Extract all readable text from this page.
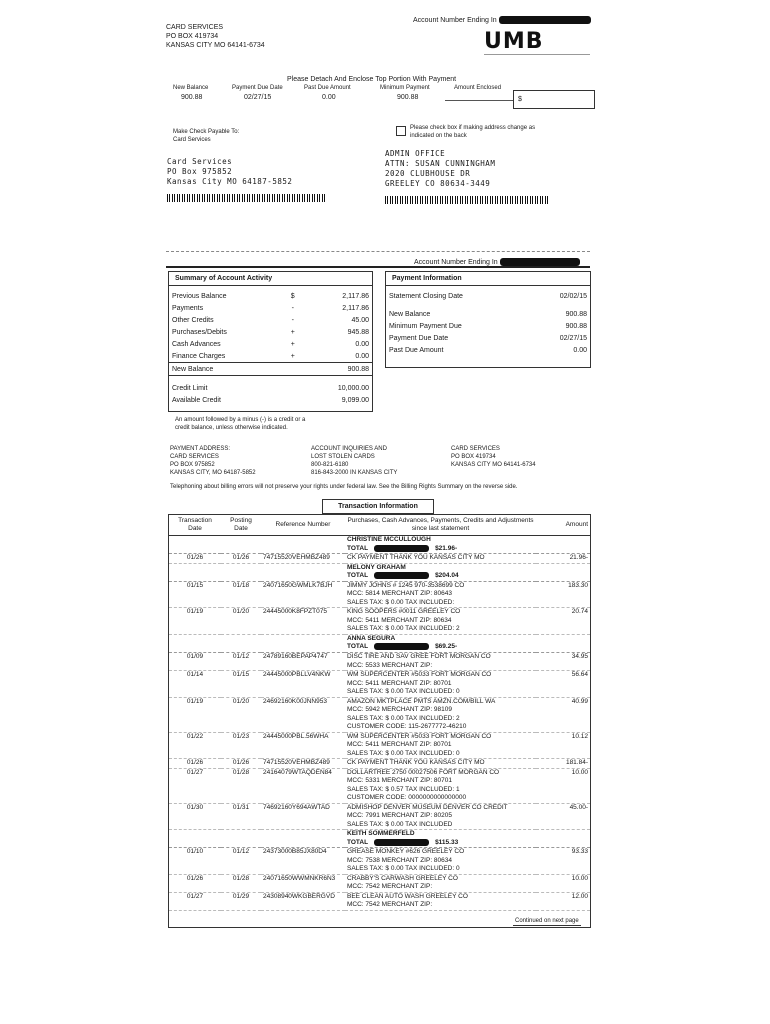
CARD SERVICES
PO BOX 419734
KANSAS CITY MO 64141-6734
Account Number Ending In
UMB
Please Detach And Enclose Top Portion With Payment
New Balance	Payment Due Date	Past Due Amount	Minimum Payment	Amount Enclosed
900.88	02/27/15	0.00	900.88	$
Make Check Payable To:
Card Services
Please check box if making address change as
indicated on the back
Card Services
PO Box 975852
Kansas City MO 64187-5852
ADMIN OFFICE
ATTN: SUSAN CUNNINGHAM
2020 CLUBHOUSE DR
GREELEY CO 80634-3449
Account Number Ending In
Summary of Account Activity
Previous Balance	$	2,117.86
Payments	-	2,117.86
Other Credits	-	45.00
Purchases/Debits	+	945.88
Cash Advances	+	0.00
Finance Charges	+	0.00
New Balance		900.88

Credit Limit		10,000.00
Available Credit		9,099.00
An amount followed by a minus (-) is a credit or a
credit balance, unless otherwise indicated.
Payment Information
Statement Closing Date	02/02/15

New Balance	900.88
Minimum Payment Due	900.88
Payment Due Date	02/27/15
Past Due Amount	0.00
PAYMENT ADDRESS:
CARD SERVICES
PO BOX 975852
KANSAS CITY, MO 64187-5852
ACCOUNT INQUIRIES AND
LOST STOLEN CARDS
800-821-6180
816-843-2000 IN KANSAS CITY
CARD SERVICES
PO BOX 419734
KANSAS CITY MO 64141-6734
Telephoning about billing errors will not preserve your rights under federal law. See the Billing Rights Summary on the reverse side.
Transaction Information
Transaction Date	Posting Date	Reference Number	Purchases, Cash Advances, Payments, Credits and Adjustments since last statement	Amount
			CHRISTINE MCCULLOUGH	
			TOTAL $21.96-	
01/26	01/26	74715520VEHMBZ489	CK PAYMENT THANK YOU KANSAS CITY MO	21.96-
			MELONY GRAHAM	
			TOTAL $204.04	
01/15	01/18	24071650GWMLK7BJH	JIMMY JOHNS # 1245 970-3538699 CO
MCC: 5814 MERCHANT ZIP: 80643
SALES TAX: $ 0.00 TAX INCLUDED:	183.30
01/19	01/20	24445000K8FPZT075	KING SOOPERS #0011 GREELEY CO
MCC: 5411 MERCHANT ZIP: 80634
SALES TAX: $ 0.00 TAX INCLUDED: 2	20.74
			ANNA SEGURA	
			TOTAL $69.25-	
01/09	01/12	24789160BEPAP4747	DISC TIRE AND SAV GREE FORT MORGAN CO
MCC: 5533 MERCHANT ZIP:	34.95
01/14	01/15	24445000PBLLV4NKW	WM SUPERCENTER #5033 FORT MORGAN CO
MCC: 5411 MERCHANT ZIP: 80701
SALES TAX: $ 0.00 TAX INCLUDED: 0	56.64
01/19	01/20	24692160K00JNN953	AMAZON MKTPLACE PMTS AMZN.COM/BILL WA
MCC: 5942 MERCHANT ZIP: 98109
SALES TAX: $ 0.00 TAX INCLUDED: 2
CUSTOMER CODE: 115-2677772-46210	40.99
01/22	01/23	24445000PBL.56WHA	WM SUPERCENTER #5033 FORT MORGAN CO
MCC: 5411 MERCHANT ZIP: 80701
SALES TAX: $ 0.00 TAX INCLUDED: 0	10.12
01/26	01/26	74715520VEHMBZ489	CK PAYMENT THANK YOU KANSAS CITY MO	181.84-
01/27	01/28	24164079WTAQDEN84	DOLLARTREE 2750 00027506 FORT MORGAN CO
MCC: 5331 MERCHANT ZIP: 80701
SALES TAX: $ 0.57 TAX INCLUDED: 1
CUSTOMER CODE: 0000000000000000	10.00
01/30	01/31	74692160Y694AWTAD	ADMISHOP DENVER MUSEUM DENVER CO CREDIT
MCC: 7991 MERCHANT ZIP: 80205
SALES TAX: $ 0.00 TAX INCLUDED	45.00-
			KEITH SOMMERFELD	
			TOTAL $115.33	
01/10	01/12	24373000B85JX80D4	GREASE MONKEY #626 GREELEY CO
MCC: 7538 MERCHANT ZIP: 80634
SALES TAX: $ 0.00 TAX INCLUDED: 0	93.33
01/26	01/28	24071650WWMNKR6N3	CRABBY'S CARWASH GREELEY CO
MCC: 7542 MERCHANT ZIP:	10.00
01/27	01/29	24308940WKGBERGVD	BEE CLEAN AUTO WASH GREELEY CO
MCC: 7542 MERCHANT ZIP:	12.00
Continued on next page
